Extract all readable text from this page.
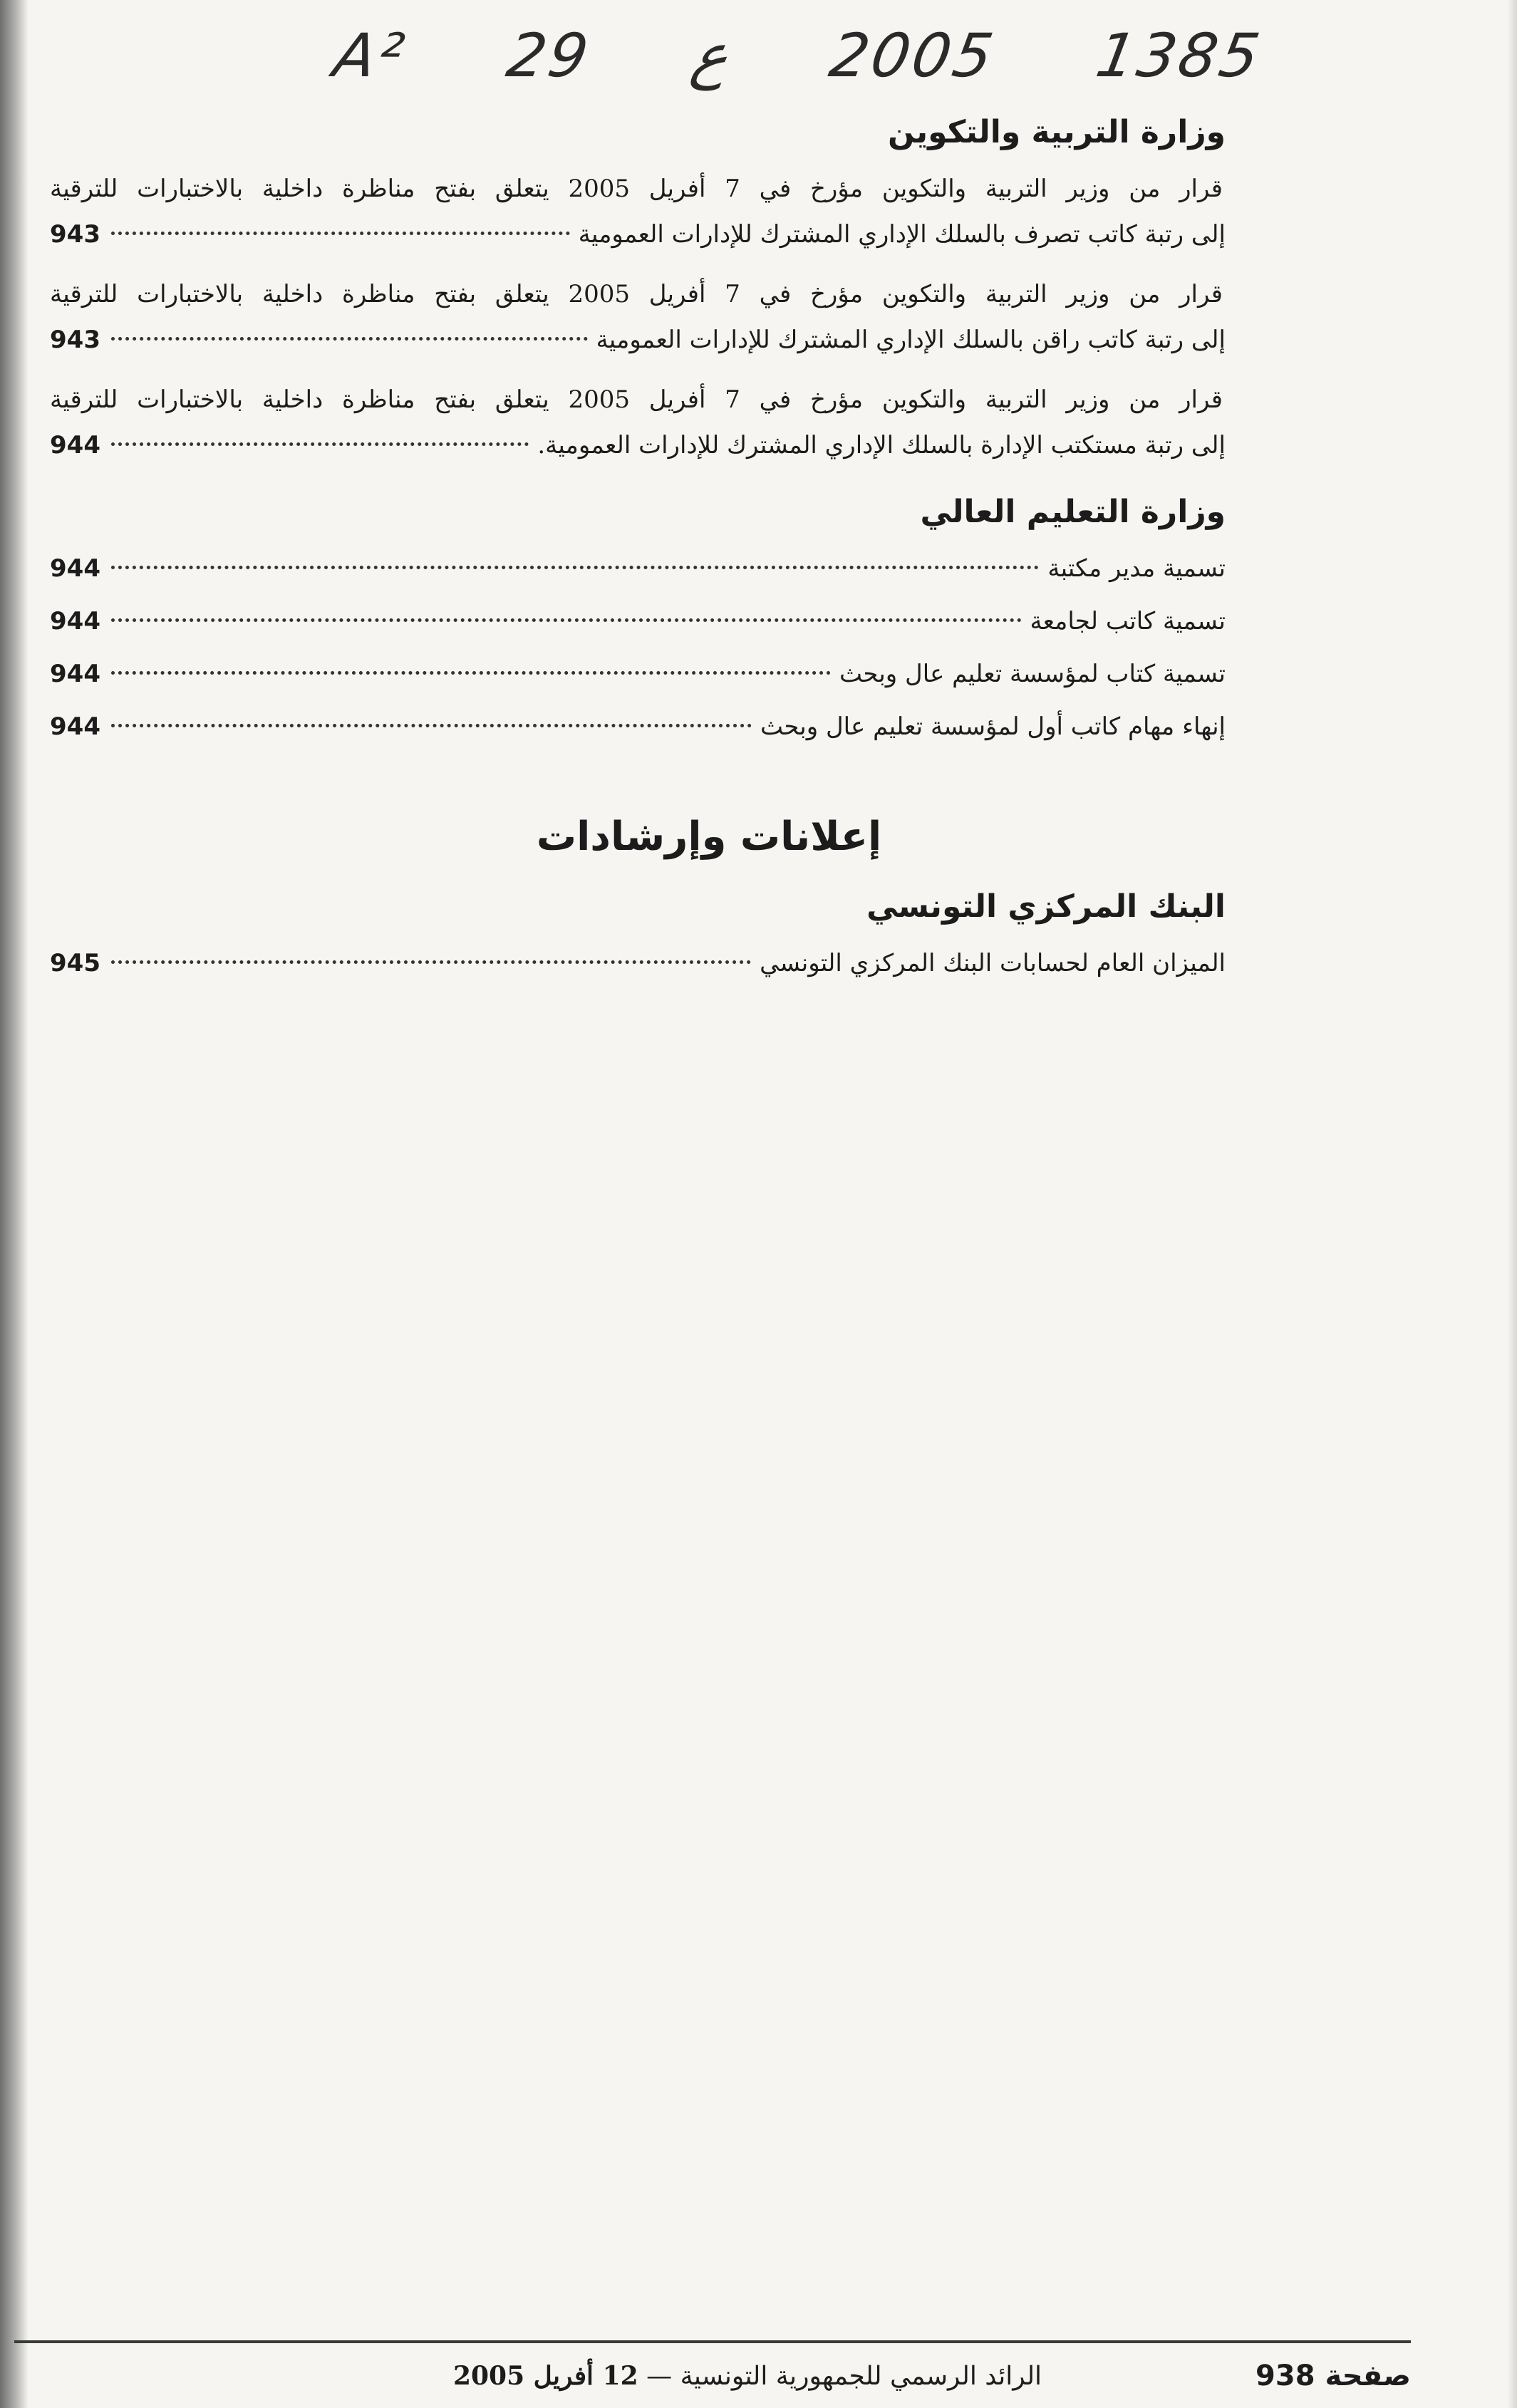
A² 29 ع 2005 1385
وزارة التربية والتكوين
قرار من وزير التربية والتكوين مؤرخ في 7 أفريل 2005 يتعلق بفتح مناظرة داخلية بالاختبارات للترقية
إلى رتبة كاتب تصرف بالسلك الإداري المشترك للإدارات العمومية
943
قرار من وزير التربية والتكوين مؤرخ في 7 أفريل 2005 يتعلق بفتح مناظرة داخلية بالاختبارات للترقية
إلى رتبة كاتب راقن بالسلك الإداري المشترك للإدارات العمومية
943
قرار من وزير التربية والتكوين مؤرخ في 7 أفريل 2005 يتعلق بفتح مناظرة داخلية بالاختبارات للترقية
إلى رتبة مستكتب الإدارة بالسلك الإداري المشترك للإدارات العمومية.
944
وزارة التعليم العالي
تسمية مدير مكتبة
944
تسمية كاتب لجامعة
944
تسمية كتاب لمؤسسة تعليم عال وبحث
944
إنهاء مهام كاتب أول لمؤسسة تعليم عال وبحث
944
إعلانات وإرشادات
البنك المركزي التونسي
الميزان العام لحسابات البنك المركزي التونسي
945
صفحة 938
الرائد الرسمي للجمهورية التونسية — 12 أفريل 2005
